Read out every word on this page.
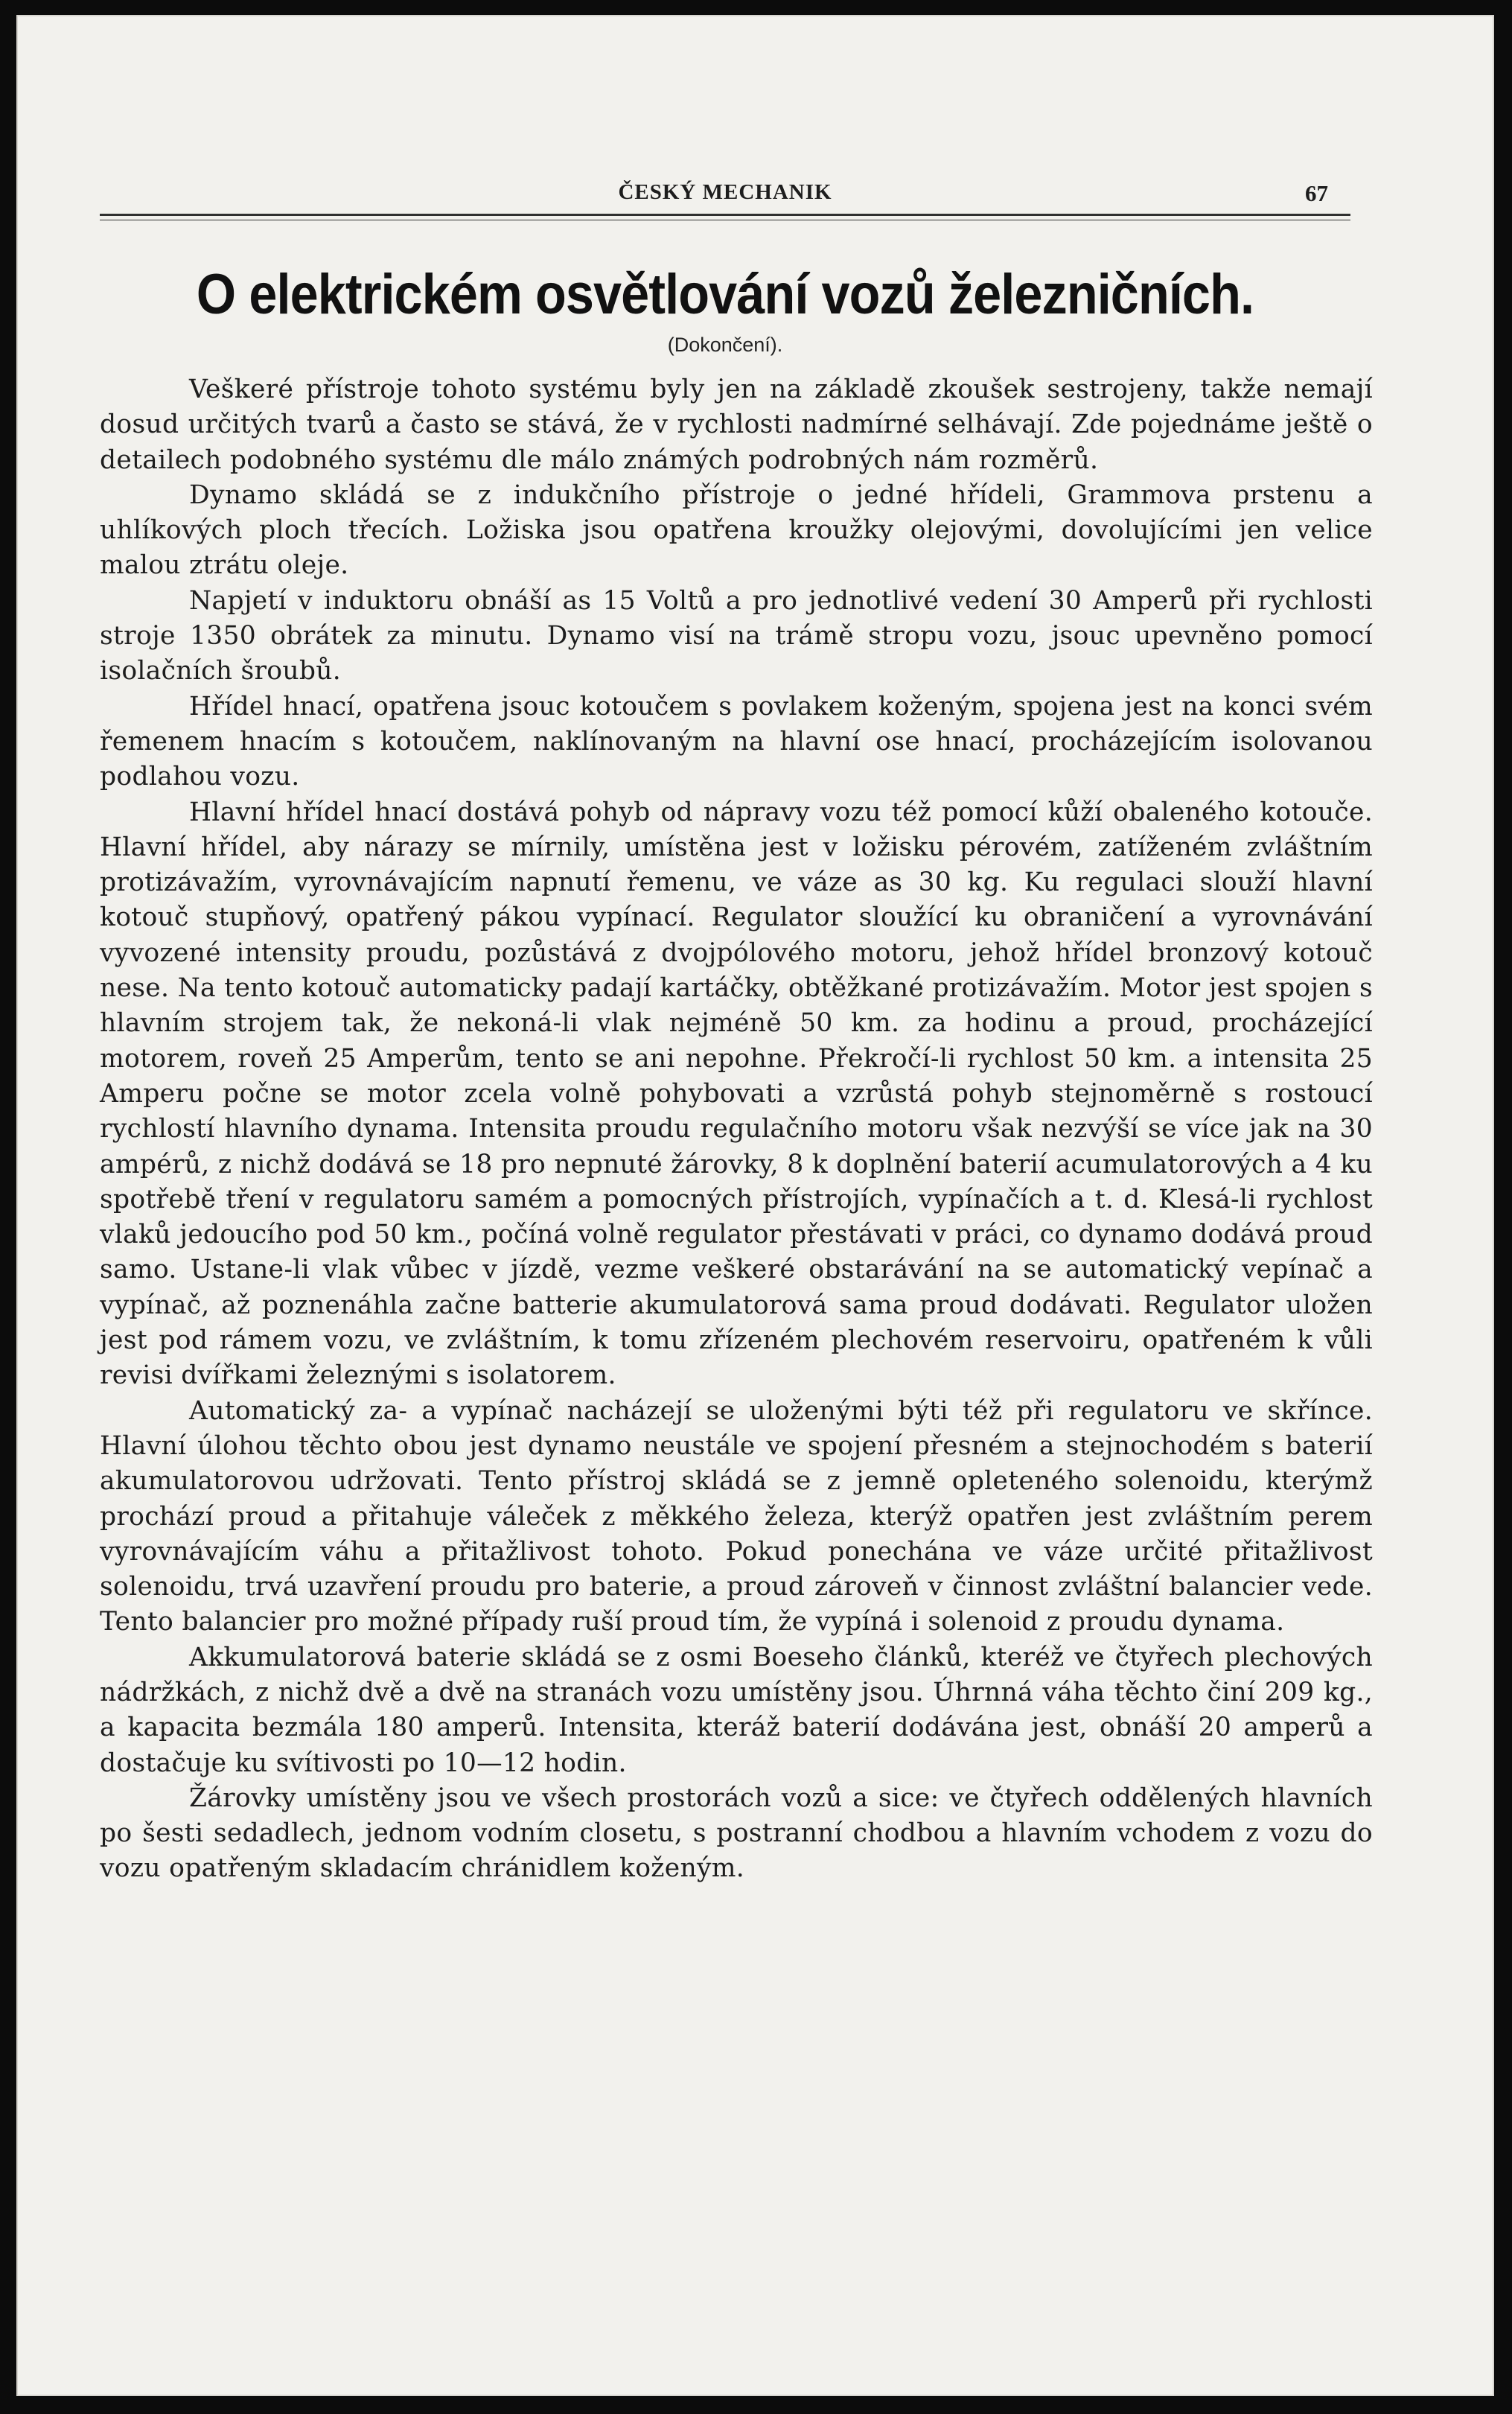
ČESKÝ MECHANIK	67
O elektrickém osvětlování vozů železničních.
(Dokončení).

Veškeré přístroje tohoto systému byly jen na základě zkoušek sestrojeny, takže nemají dosud určitých tvarů a často se stává, že v rychlosti nadmírné selhávají. Zde pojednáme ještě o detailech podobného systému dle málo známých podrobných nám rozměrů.

Dynamo skládá se z indukčního přístroje o jedné hřídeli, Grammova prstenu a uhlíkových ploch třecích. Ložiska jsou opatřena kroužky olejovými, dovolujícími jen velice malou ztrátu oleje.

Napjetí v induktoru obnáší as 15 Voltů a pro jednotlivé vedení 30 Amperů při rychlosti stroje 1350 obrátek za minutu. Dynamo visí na trámě stropu vozu, jsouc upevněno pomocí isolačních šroubů.

Hřídel hnací, opatřena jsouc kotoučem s povlakem koženým, spojena jest na konci svém řemenem hnacím s kotoučem, naklínovaným na hlavní ose hnací, procházejícím isolovanou podlahou vozu.

Hlavní hřídel hnací dostává pohyb od nápravy vozu též pomocí kůží obaleného kotouče. Hlavní hřídel, aby nárazy se mírnily, umístěna jest v ložisku pérovém, zatíženém zvláštním protizávažím, vyrovnávajícím napnutí řemenu, ve váze as 30 kg. Ku regulaci slouží hlavní kotouč stupňový, opatřený pákou vypínací. Regulator sloužící ku obraničení a vyrovnávání vyvozené intensity proudu, pozůstává z dvojpólového motoru, jehož hřídel bronzový kotouč nese. Na tento kotouč automaticky padají kartáčky, obtěžkané protizávažím. Motor jest spojen s hlavním strojem tak, že nekoná-li vlak nejméně 50 km. za hodinu a proud, procházející motorem, roveň 25 Amperům, tento se ani nepohne. Překročí-li rychlost 50 km. a intensita 25 Amperu počne se motor zcela volně pohybovati a vzrůstá pohyb stejnoměrně s rostoucí rychlostí hlavního dynama. Intensita proudu regulačního motoru však nezvýší se více jak na 30 ampérů, z nichž dodává se 18 pro nepnuté žárovky, 8 k doplnění baterií acumulatorových a 4 ku spotřebě tření v regulatoru samém a pomocných přístrojích, vypínačích a t. d. Klesá-li rychlost vlaků jedoucího pod 50 km., počíná volně regulator přestávati v práci, co dynamo dodává proud samo. Ustane-li vlak vůbec v jízdě, vezme veškeré obstarávání na se automatický vepínač a vypínač, až poznenáhla začne batterie akumulatorová sama proud dodávati. Regulator uložen jest pod rámem vozu, ve zvláštním, k tomu zřízeném plechovém reservoiru, opatřeném k vůli revisi dvířkami železnými s isolatorem.

Automatický za- a vypínač nacházejí se uloženými býti též při regulatoru ve skřínce. Hlavní úlohou těchto obou jest dynamo neustále ve spojení přesném a stejnochodém s baterií akumulatorovou udržovati. Tento přístroj skládá se z jemně opleteného solenoidu, kterýmž prochází proud a přitahuje váleček z měkkého železa, kterýž opatřen jest zvláštním perem vyrovnávajícím váhu a přitažlivost tohoto. Pokud ponechána ve váze určité přitažlivost solenoidu, trvá uzavření proudu pro baterie, a proud zároveň v činnost zvláštní balancier vede. Tento balancier pro možné případy ruší proud tím, že vypíná i solenoid z proudu dynama.

Akkumulatorová baterie skládá se z osmi Boeseho článků, kteréž ve čtyřech plechových nádržkách, z nichž dvě a dvě na stranách vozu umístěny jsou. Úhrnná váha těchto činí 209 kg., a kapacita bezmála 180 amperů. Intensita, kteráž baterií dodávána jest, obnáší 20 amperů a dostačuje ku svítivosti po 10—12 hodin.

Žárovky umístěny jsou ve všech prostorách vozů a sice: ve čtyřech oddělených hlavních po šesti sedadlech, jednom vodním closetu, s postranní chodbou a hlavním vchodem z vozu do vozu opatřeným skladacím chránidlem koženým.
